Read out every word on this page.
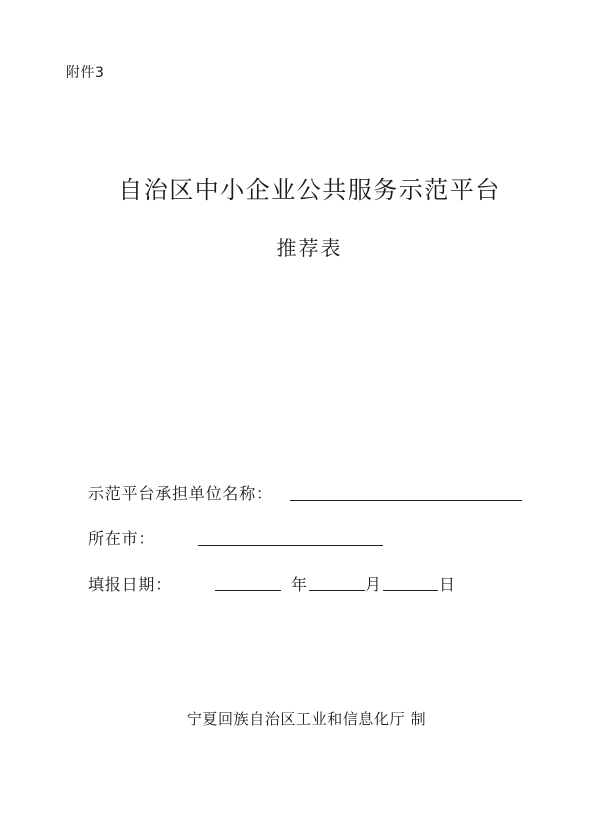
附件3
自治区中小企业公共服务示范平台
推荐表
示范平台承担单位名称：
所在市：
填报日期：	年	月	日
宁夏回族自治区工业和信息化厅 制
